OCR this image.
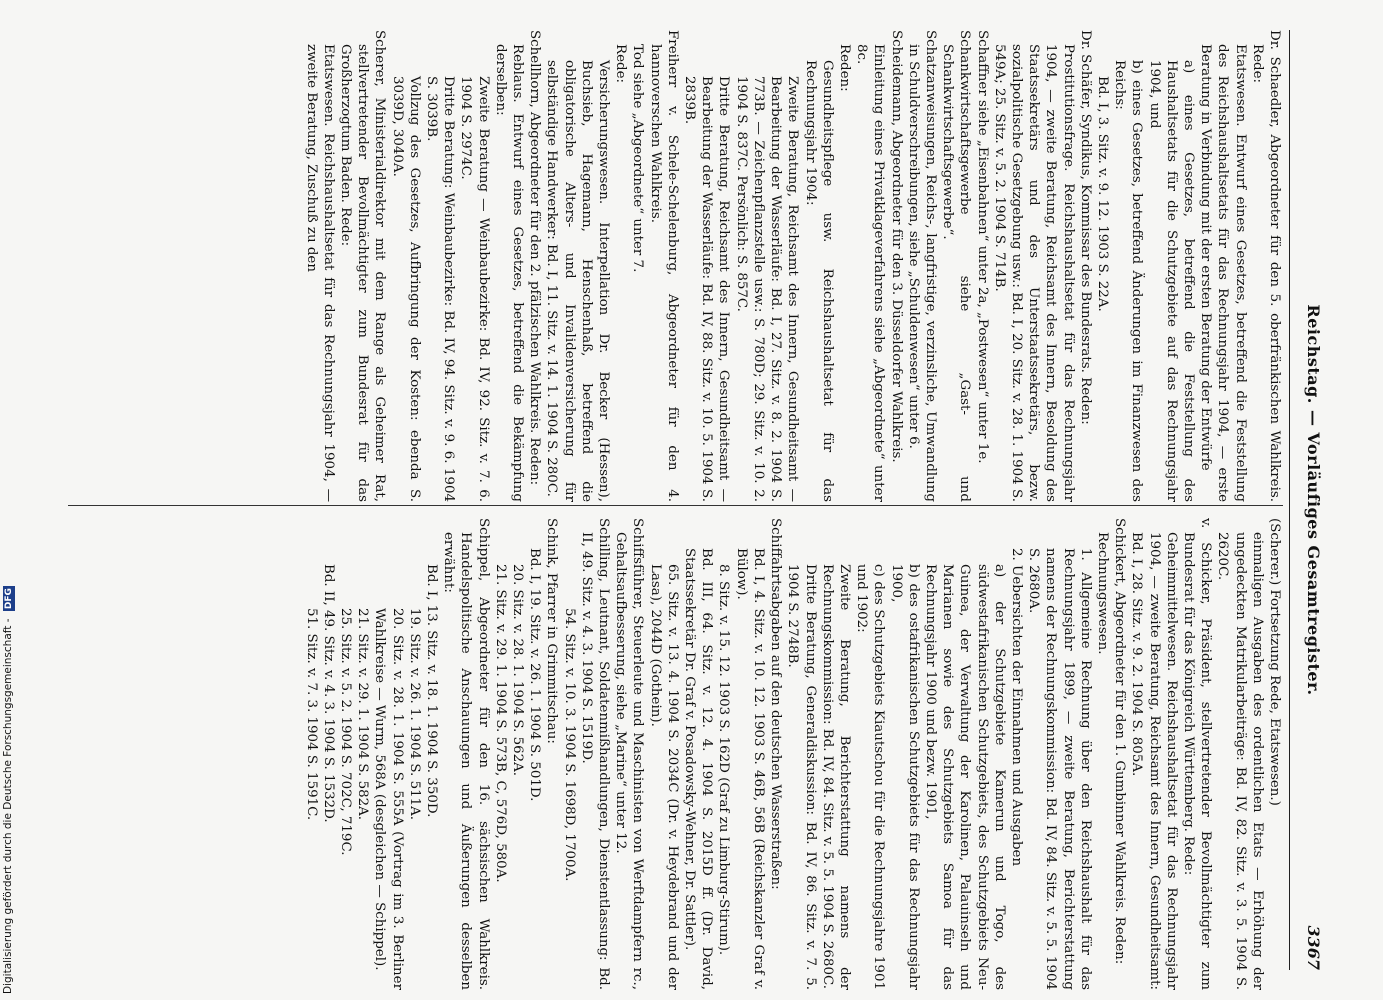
Reichstag. — Vorläufiges Gesamtregister.
3367

Dr. Schaedler, Abgeordneter für den 5. oberfränkischen Wahlkreis. Rede:

Etatswesen. Entwurf eines Gesetzes, betreffend die Feststellung des Reichshaushaltsetats für das Rechnungsjahr 1904, — erste Beratung in Verbindung mit der ersten Beratung der Entwürfe

a) eines Gesetzes, betreffend die Feststellung des Haushaltsetats für die Schutzgebiete auf das Rechnungsjahr 1904, und

b) eines Gesetzes, betreffend Änderungen im Finanzwesen des Reichs:

Bd. I, 3. Sitz. v. 9. 12. 1903 S. 22A.

Dr. Schäfer, Syndikus, Kommissar des Bundesrats. Reden:

Prostitutionsfrage. Reichshaushaltsetat für das Rechnungsjahr 1904, — zweite Beratung, Reichsamt des Innern, Besoldung des Staatssekretärs und des Unterstaatssekretärs, bezw. sozialpolitische Gesetzgebung usw.: Bd. I, 20. Sitz. v. 28. 1. 1904 S. 549A; 25. Sitz. v. 5. 2. 1904 S. 714B.

Schaffner siehe „Eisenbahnen“ unter 2a, „Postwesen“ unter 1e.

Schankwirtschaftsgewerbe siehe „Gast- und Schankwirtschaftsgewerbe“.

Schatzanweisungen, Reichs-, langfristige, verzinsliche, Umwandlung in Schuldverschreibungen, siehe „Schuldenwesen“ unter 6.

Scheidemann, Abgeordneter für den 3. Düsseldorfer Wahlkreis.

Einleitung eines Privatklageverfahrens siehe „Abgeordnete“ unter 8c.

Reden:

Gesundheitspflege usw. Reichshaushaltsetat für das Rechnungsjahr 1904:

Zweite Beratung, Reichsamt des Innern, Gesundheitsamt — Bearbeitung der Wasserläufe: Bd. I, 27. Sitz. v. 8. 2. 1904 S. 773B. — Zeichenpflanzstelle usw.: S. 780D; 29. Sitz. v. 10. 2. 1904 S. 837C. Persönlich: S. 857C.

Dritte Beratung, Reichsamt des Innern, Gesundheitsamt — Bearbeitung der Wasserläufe: Bd. IV, 88. Sitz. v. 10. 5. 1904 S. 2839B.

Freiherr v. Schele-Schelenburg, Abgeordneter für den 4. hannoverschen Wahlkreis.

Tod siehe „Abgeordnete“ unter 7.

Rede:

Versicherungswesen. Interpellation Dr. Becker (Hessen), Buchsieb, Hagemann, Henschenhaß, betreffend die obligatorische Alters- und Invalidenversicherung für selbständige Handwerker: Bd. I, 11. Sitz. v. 14. 1. 1904 S. 280C.

Schellhorn, Abgeordneter für den 2. pfälzischen Wahlkreis. Reden:

Reblaus. Entwurf eines Gesetzes, betreffend die Bekämpfung derselben:

Zweite Beratung — Weinbaubezirke: Bd. IV, 92. Sitz. v. 7. 6. 1904 S. 2974C.

Dritte Beratung: Weinbaubezirke: Bd. IV, 94. Sitz. v. 9. 6. 1904 S. 3039B.

Vollzug des Gesetzes, Aufbringung der Kosten: ebenda S. 3039D, 3040A.

Scherer, Ministerialdirektor mit dem Range als Geheimer Rat, stellvertretender Bevollmächtigter zum Bundesrat für das Großherzogtum Baden. Rede:

Etatswesen. Reichshaushaltsetat für das Rechnungsjahr 1904, — zweite Beratung, Zuschuß zu den

(Scherer.) Fortsetzung Rede, Etatswesen.)

einmaligen Ausgaben des ordentlichen Etats — Erhöhung der ungedeckten Matrikularbeiträge: Bd. IV, 82. Sitz. v. 3. 5. 1904 S. 2620C.

v. Schicker, Präsident, stellvertretender Bevollmächtigter zum Bundesrat für das Königreich Württemberg. Rede:

Geheimmittelwesen. Reichshaushaltsetat für das Rechnungsjahr 1904, — zweite Beratung, Reichsamt des Innern, Gesundheitsamt: Bd. I, 28. Sitz. v. 9. 2. 1904 S. 805A.

Schickert, Abgeordneter für den 1. Gumbinner Wahlkreis. Reden:

Rechnungswesen.

1. Allgemeine Rechnung über den Reichshaushalt für das Rechnungsjahr 1899, — zweite Beratung, Berichterstattung namens der Rechnungskommission: Bd. IV, 84. Sitz. v. 5. 5. 1904 S. 2680A.

2. Uebersichten der Einnahmen und Ausgaben

a) der Schutzgebiete Kamerun und Togo, des südwestafrikanischen Schutzgebiets, des Schutzgebiets Neu-Guinea, der Verwaltung der Karolinen, Palauinseln und Marianen sowie des Schutzgebiets Samoa für das Rechnungsjahr 1900 und bezw. 1901,

b) des ostafrikanischen Schutzgebiets für das Rechnungsjahr 1900,

c) des Schutzgebiets Kiautschou für die Rechnungsjahre 1901 und 1902:

Zweite Beratung, Berichterstattung namens der Rechnungskommission: Bd. IV, 84. Sitz. v. 5. 5. 1904 S. 2680C.

Dritte Beratung, Generaldiskussion: Bd. IV, 86. Sitz. v. 7. 5. 1904 S. 2748B.

Schiffahrtsabgaben auf den deutschen Wasserstraßen:

Bd. I, 4. Sitz. v. 10. 12. 1903 S. 46B, 56B (Reichskanzler Graf v. Bülow).

8. Sitz. v. 15. 12. 1903 S. 162D (Graf zu Limburg-Stirum).

Bd. III, 64. Sitz. v. 12. 4. 1904 S. 2015D ff. (Dr. David, Staatssekretär Dr. Graf v. Posadowsky-Wehner, Dr. Sattler).

65. Sitz. v. 13. 4. 1904 S. 2034C (Dr. v. Heydebrand und der Lasa), 2044D (Gothein).

Schiffsführer, Steuerleute und Maschinisten von Werftdampfern rc., Gehaltsaufbesserung, siehe „Marine“ unter 12.

Schilling, Leutnant, Soldatenmißhandlungen, Dienstentlassung: Bd. II, 49. Sitz. v. 4. 3. 1904 S. 1519D.

54. Sitz. v. 10. 3. 1904 S. 1698D, 1700A.

Schink, Pfarrer in Grimmitschau:

Bd. I, 19. Sitz. v. 26. 1. 1904 S. 501D.

20. Sitz. v. 28. 1. 1904 S. 562A.

21. Sitz. v. 29. 1. 1904 S. 573B, C, 576D, 580A.

Schippel, Abgeordneter für den 16. sächsischen Wahlkreis. Handelspolitische Anschauungen und Äußerungen desselben erwähnt:

Bd. I, 13. Sitz. v. 18. 1. 1904 S. 350D.

19. Sitz. v. 26. 1. 1904 S. 511A.

20. Sitz. v. 28. 1. 1904 S. 555A (Vortrag im 3. Berliner Wahlkreise — Wurm, 568A (desgleichen — Schippel).

21. Sitz. v. 29. 1. 1904 S. 582A.

25. Sitz. v. 5. 2. 1904 S. 702C, 719C.

Bd. II, 49. Sitz. v. 4. 3. 1904 S. 1532D.

51. Sitz. v. 7. 3. 1904 S. 1591C.

Digitalisierung gefördert durch die Deutsche Forschungsgemeinschaft - DFG
